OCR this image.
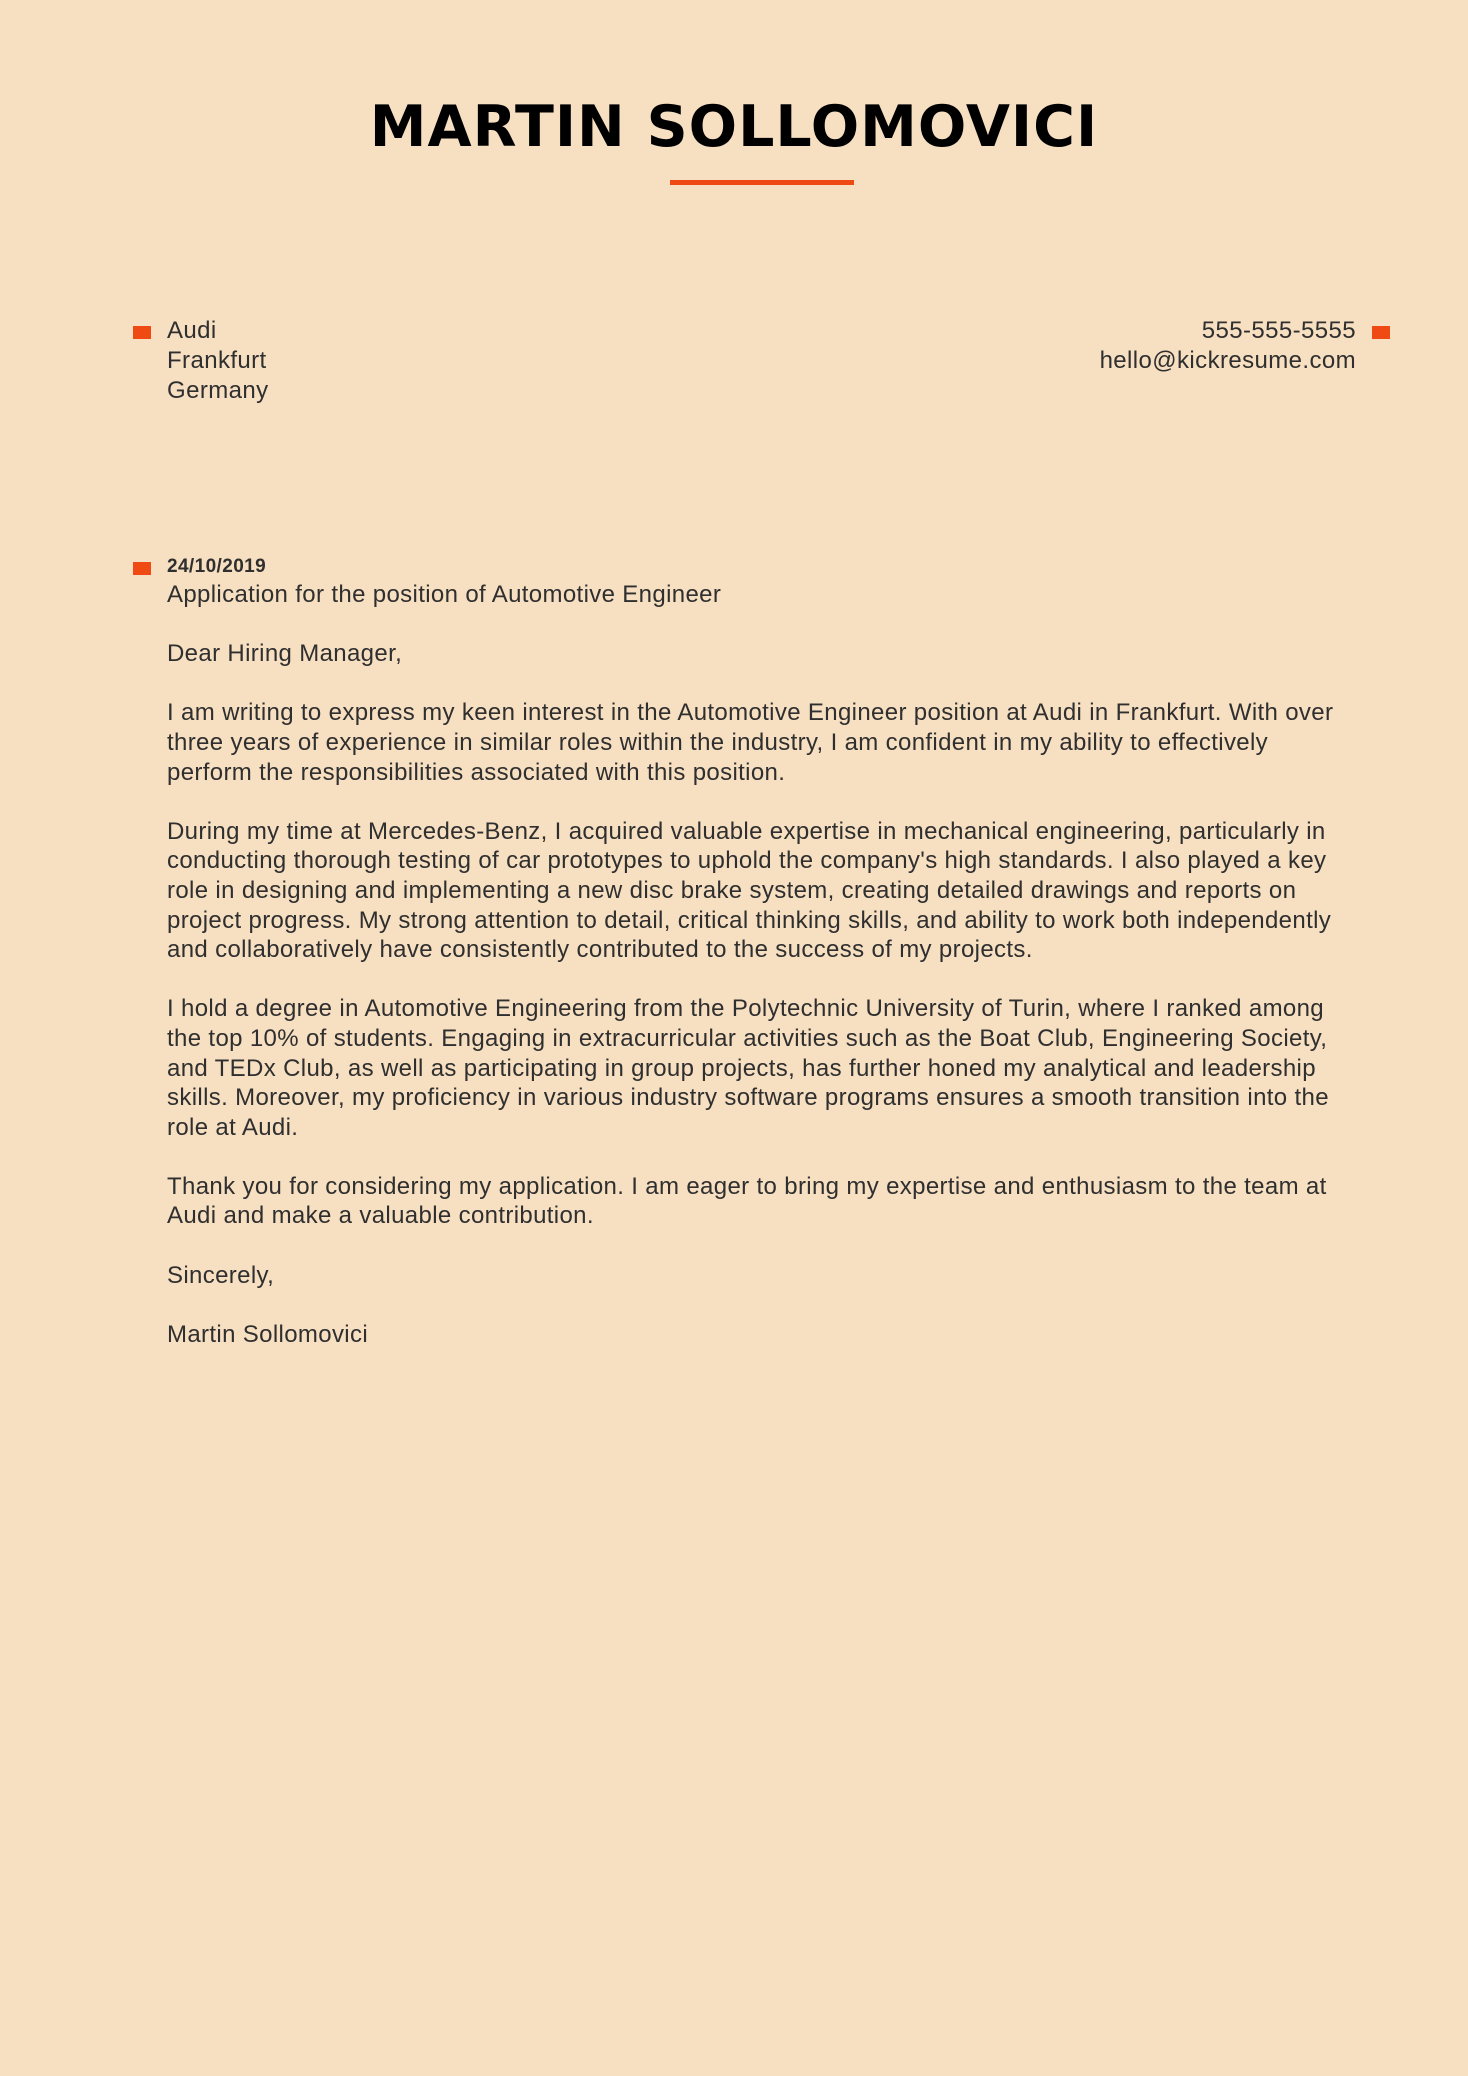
MARTIN SOLLOMOVICI
Audi
Frankfurt
Germany
555-555-5555
hello@kickresume.com
24/10/2019
Application for the position of Automotive Engineer

Dear Hiring Manager,

I am writing to express my keen interest in the Automotive Engineer position at Audi in Frankfurt. With over three years of experience in similar roles within the industry, I am confident in my ability to effectively perform the responsibilities associated with this position.

During my time at Mercedes-Benz, I acquired valuable expertise in mechanical engineering, particularly in conducting thorough testing of car prototypes to uphold the company's high standards. I also played a key role in designing and implementing a new disc brake system, creating detailed drawings and reports on project progress. My strong attention to detail, critical thinking skills, and ability to work both independently and collaboratively have consistently contributed to the success of my projects.

I hold a degree in Automotive Engineering from the Polytechnic University of Turin, where I ranked among the top 10% of students. Engaging in extracurricular activities such as the Boat Club, Engineering Society, and TEDx Club, as well as participating in group projects, has further honed my analytical and leadership skills. Moreover, my proficiency in various industry software programs ensures a smooth transition into the role at Audi.

Thank you for considering my application. I am eager to bring my expertise and enthusiasm to the team at Audi and make a valuable contribution.

Sincerely,

Martin Sollomovici
